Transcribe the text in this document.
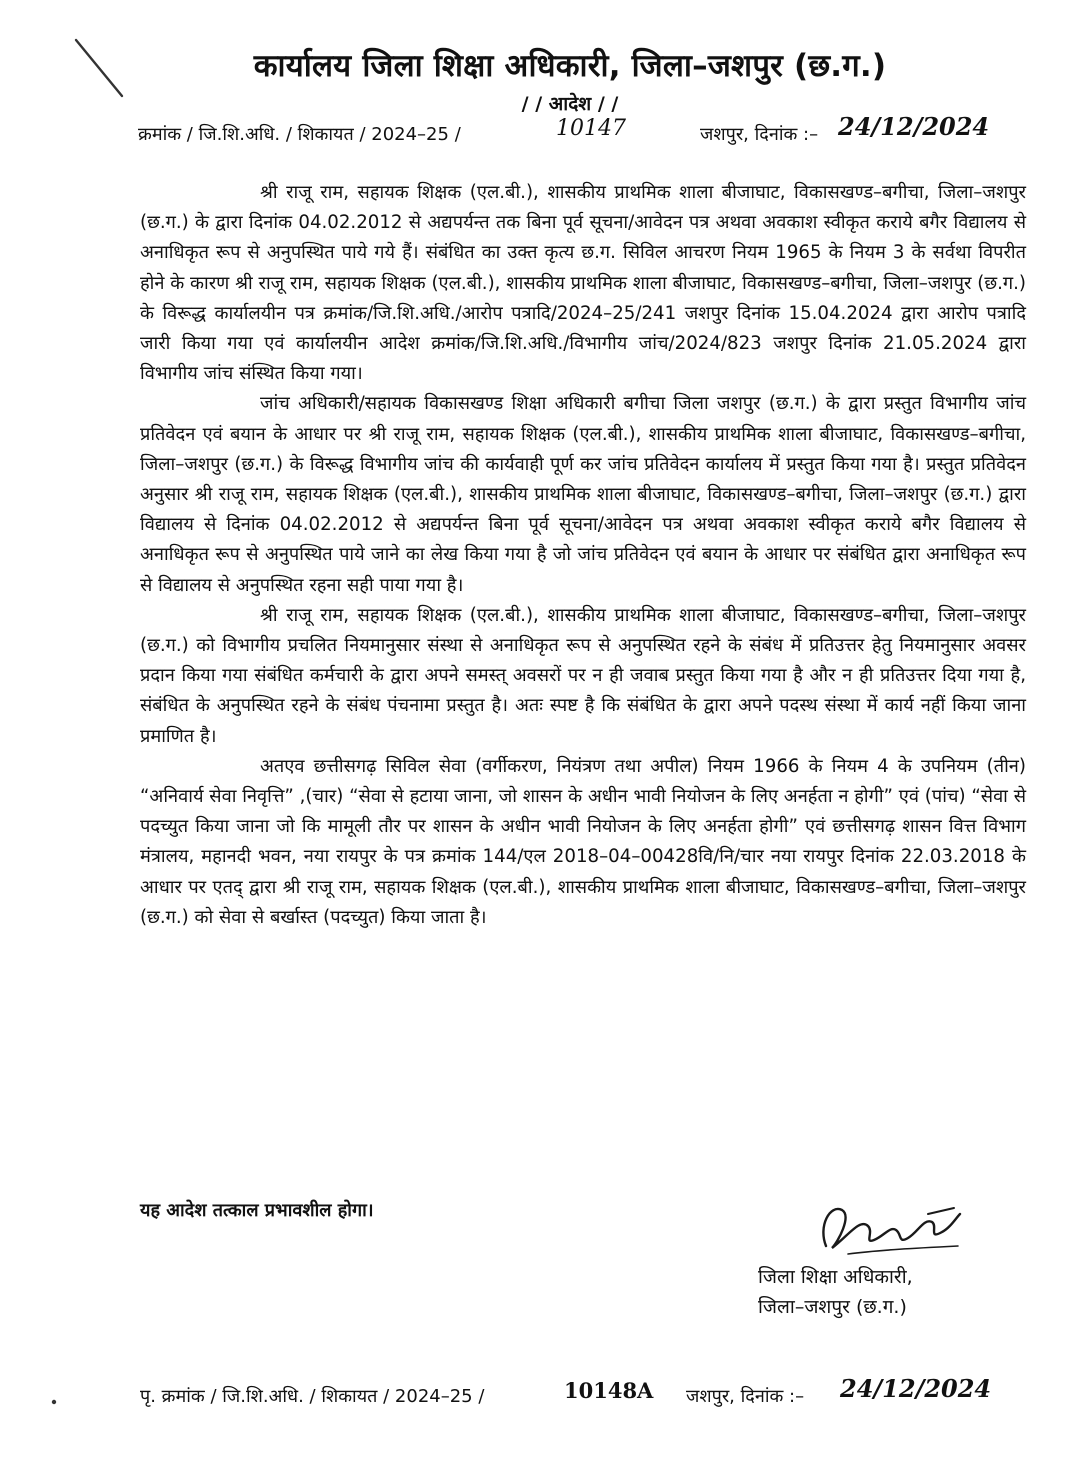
कार्यालय जिला शिक्षा अधिकारी, जिला–जशपुर (छ.ग.)
/ / आदेश / /
क्रमांक / जि.शि.अधि. / शिकायत / 2024–25 /	10147	जशपुर, दिनांक :– 24/12/2024

श्री राजू राम, सहायक शिक्षक (एल.बी.), शासकीय प्राथमिक शाला बीजाघाट, विकासखण्ड–बगीचा, जिला–जशपुर (छ.ग.) के द्वारा दिनांक 04.02.2012 से अद्यपर्यन्त तक बिना पूर्व सूचना/आवेदन पत्र अथवा अवकाश स्वीकृत कराये बगैर विद्यालय से अनाधिकृत रूप से अनुपस्थित पाये गये हैं। संबंधित का उक्त कृत्य छ.ग. सिविल आचरण नियम 1965 के नियम 3 के सर्वथा विपरीत होने के कारण श्री राजू राम, सहायक शिक्षक (एल.बी.), शासकीय प्राथमिक शाला बीजाघाट, विकासखण्ड–बगीचा, जिला–जशपुर (छ.ग.) के विरूद्ध कार्यालयीन पत्र क्रमांक/जि.शि.अधि./आरोप पत्रादि/2024–25/241 जशपुर दिनांक 15.04.2024 द्वारा आरोप पत्रादि जारी किया गया एवं कार्यालयीन आदेश क्रमांक/जि.शि.अधि./विभागीय जांच/2024/823 जशपुर दिनांक 21.05.2024 द्वारा विभागीय जांच संस्थित किया गया।

जांच अधिकारी/सहायक विकासखण्ड शिक्षा अधिकारी बगीचा जिला जशपुर (छ.ग.) के द्वारा प्रस्तुत विभागीय जांच प्रतिवेदन एवं बयान के आधार पर श्री राजू राम, सहायक शिक्षक (एल.बी.), शासकीय प्राथमिक शाला बीजाघाट, विकासखण्ड–बगीचा, जिला–जशपुर (छ.ग.) के विरूद्ध विभागीय जांच की कार्यवाही पूर्ण कर जांच प्रतिवेदन कार्यालय में प्रस्तुत किया गया है। प्रस्तुत प्रतिवेदन अनुसार श्री राजू राम, सहायक शिक्षक (एल.बी.), शासकीय प्राथमिक शाला बीजाघाट, विकासखण्ड–बगीचा, जिला–जशपुर (छ.ग.) द्वारा विद्यालय से दिनांक 04.02.2012 से अद्यपर्यन्त बिना पूर्व सूचना/आवेदन पत्र अथवा अवकाश स्वीकृत कराये बगैर विद्यालय से अनाधिकृत रूप से अनुपस्थित पाये जाने का लेख किया गया है जो जांच प्रतिवेदन एवं बयान के आधार पर संबंधित द्वारा अनाधिकृत रूप से विद्यालय से अनुपस्थित रहना सही पाया गया है।

श्री राजू राम, सहायक शिक्षक (एल.बी.), शासकीय प्राथमिक शाला बीजाघाट, विकासखण्ड–बगीचा, जिला–जशपुर (छ.ग.) को विभागीय प्रचलित नियमानुसार संस्था से अनाधिकृत रूप से अनुपस्थित रहने के संबंध में प्रतिउत्तर हेतु नियमानुसार अवसर प्रदान किया गया संबंधित कर्मचारी के द्वारा अपने समस्त् अवसरों पर न ही जवाब प्रस्तुत किया गया है और न ही प्रतिउत्तर दिया गया है, संबंधित के अनुपस्थित रहने के संबंध पंचनामा प्रस्तुत है। अतः स्पष्ट है कि संबंधित के द्वारा अपने पदस्थ संस्था में कार्य नहीं किया जाना प्रमाणित है।

अतएव छत्तीसगढ़ सिविल सेवा (वर्गीकरण, नियंत्रण तथा अपील) नियम 1966 के नियम 4 के उपनियम (तीन) “अनिवार्य सेवा निवृत्ति” ,(चार) “सेवा से हटाया जाना, जो शासन के अधीन भावी नियोजन के लिए अनर्हता न होगी” एवं (पांच) “सेवा से पदच्युत किया जाना जो कि मामूली तौर पर शासन के अधीन भावी नियोजन के लिए अनर्हता होगी” एवं छत्तीसगढ़ शासन वित्त विभाग मंत्रालय, महानदी भवन, नया रायपुर के पत्र क्रमांक 144/एल 2018–04–00428वि/नि/चार नया रायपुर दिनांक 22.03.2018 के आधार पर एतद् द्वारा श्री राजू राम, सहायक शिक्षक (एल.बी.), शासकीय प्राथमिक शाला बीजाघाट, विकासखण्ड–बगीचा, जिला–जशपुर (छ.ग.) को सेवा से बर्खास्त (पदच्युत) किया जाता है।

यह आदेश तत्काल प्रभावशील होगा।
जिला शिक्षा अधिकारी,
जिला–जशपुर (छ.ग.)
पृ. क्रमांक / जि.शि.अधि. / शिकायत / 2024–25 /	10148A जशपुर, दिनांक :– 24/12/2024
